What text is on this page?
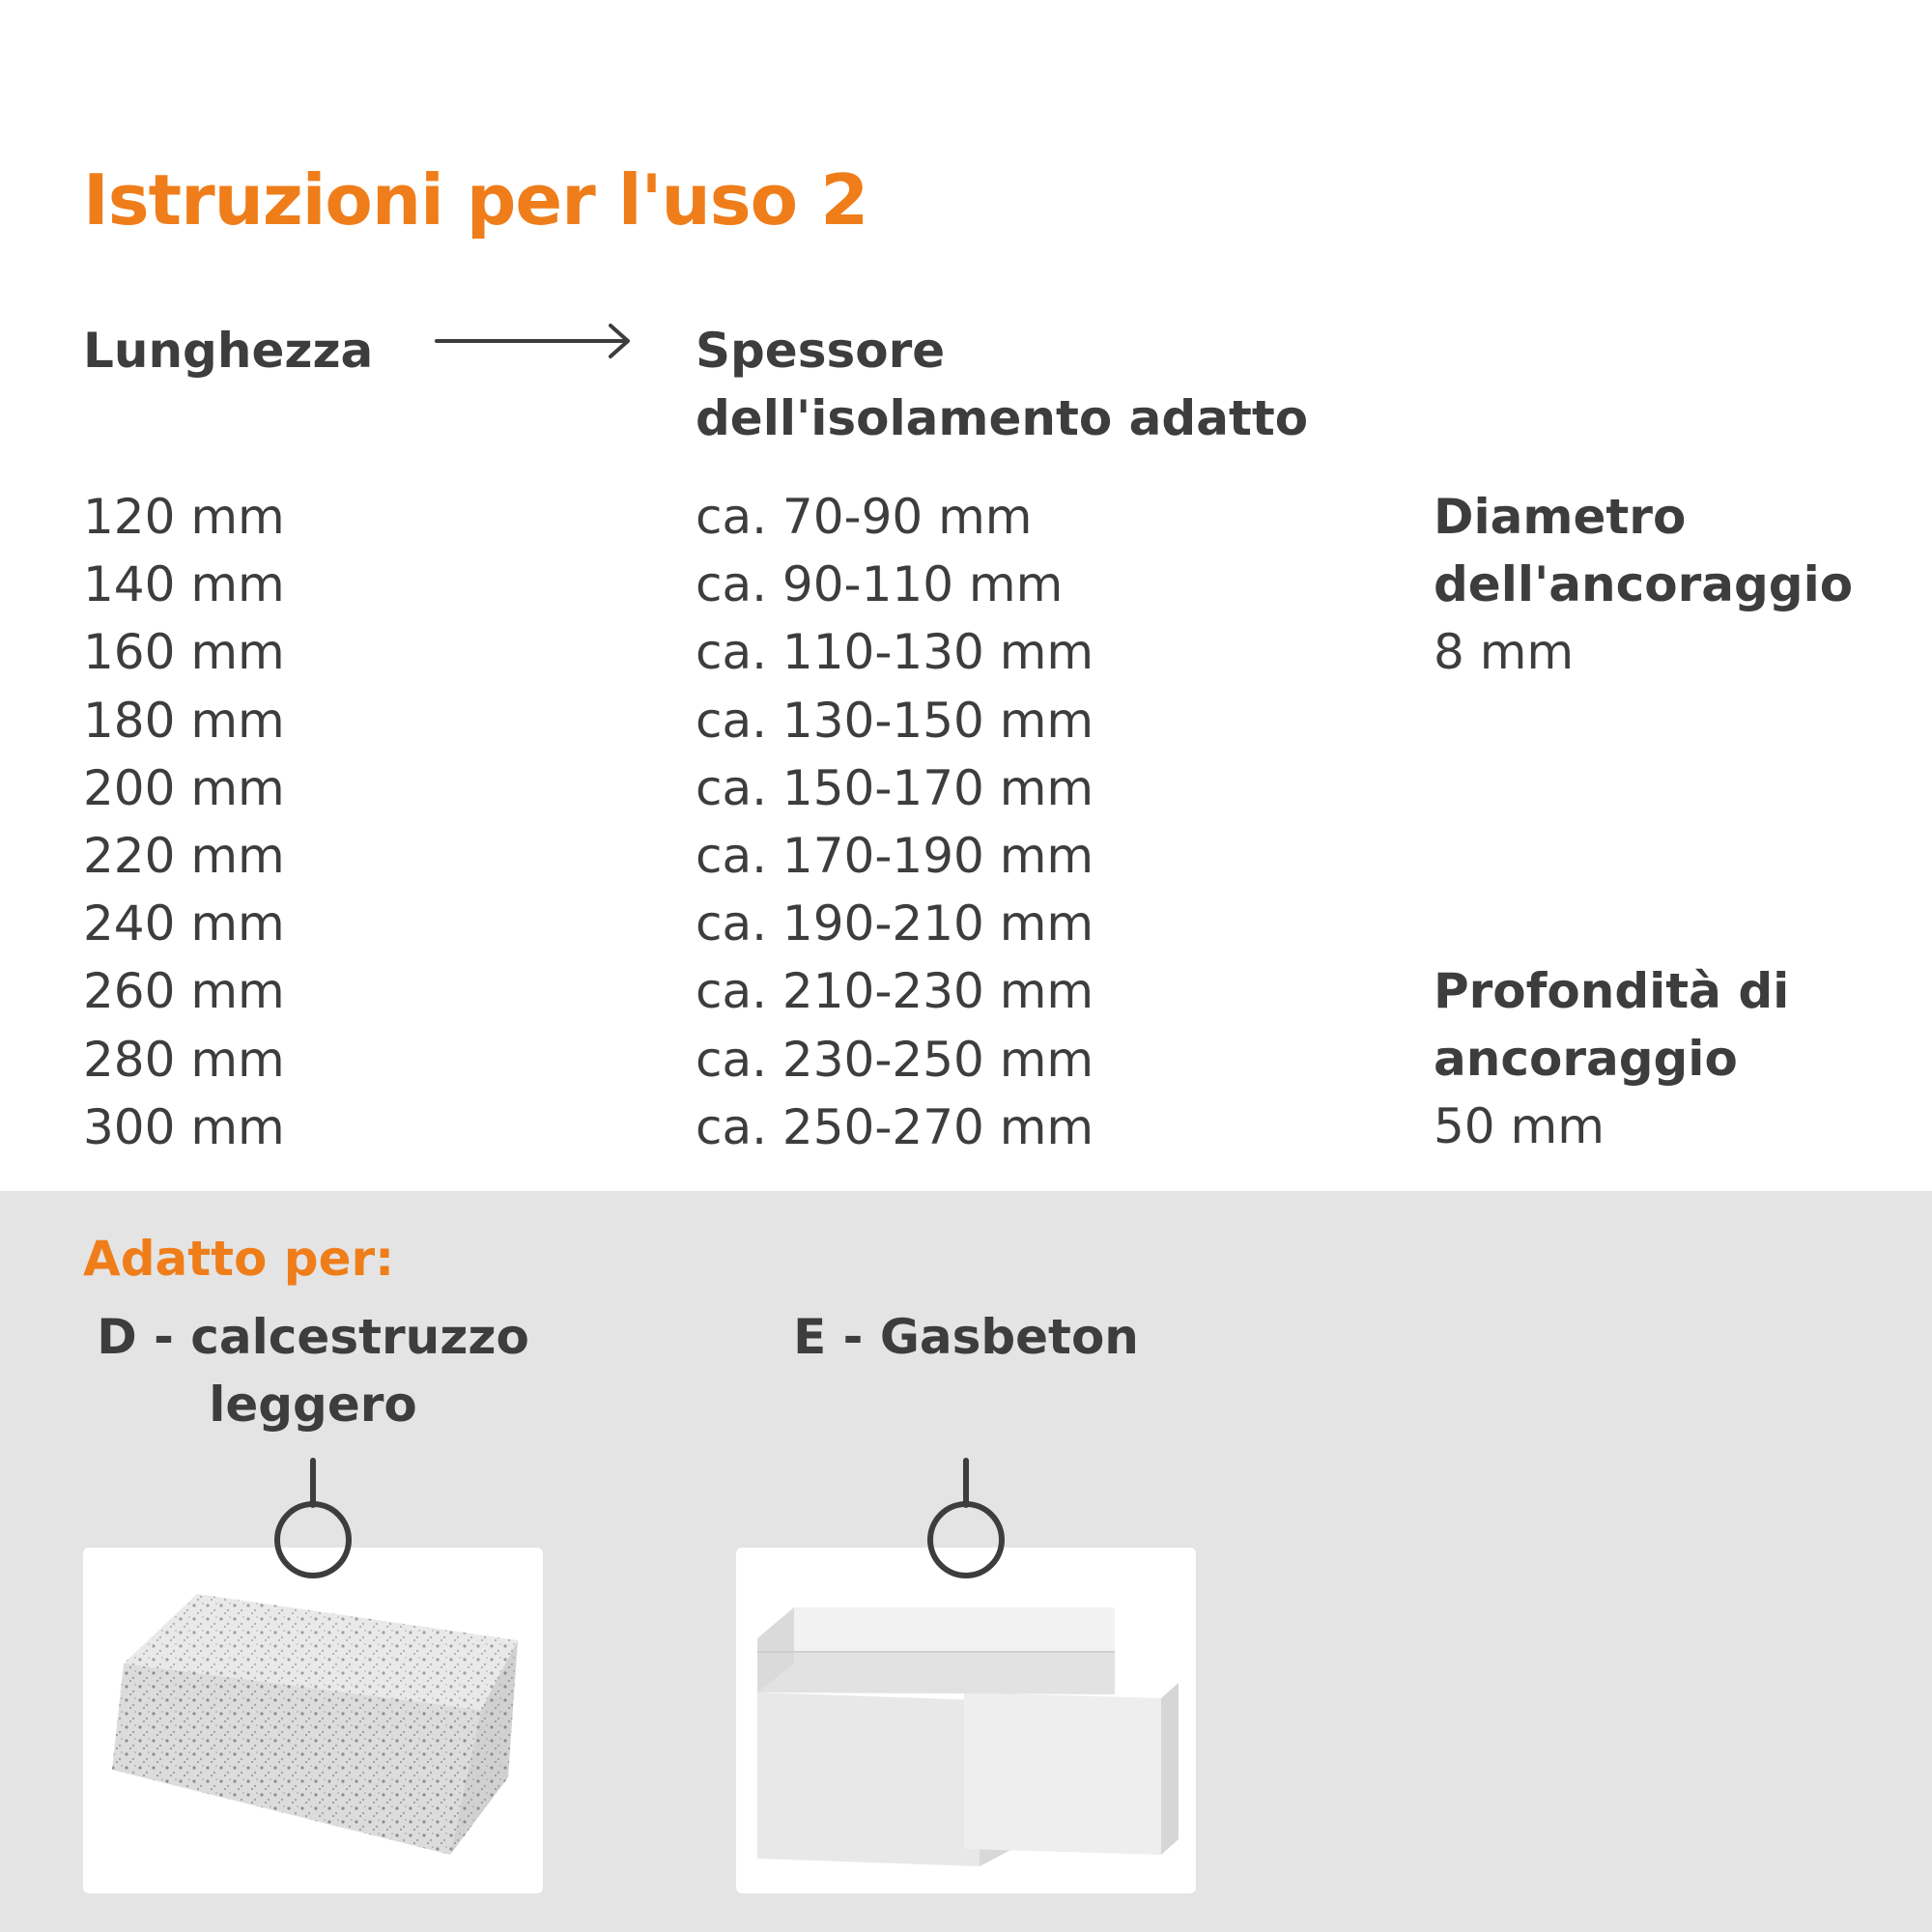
Istruzioni per l'uso 2
Lunghezza	Spessore
dell'isolamento adatto
120 mm
140 mm
160 mm
180 mm
200 mm
220 mm
240 mm
260 mm
280 mm
300 mm
ca. 70-90 mm
ca. 90-110 mm
ca. 110-130 mm
ca. 130-150 mm
ca. 150-170 mm
ca. 170-190 mm
ca. 190-210 mm
ca. 210-230 mm
ca. 230-250 mm
ca. 250-270 mm
Diametro
dell'ancoraggio
8 mm
Profondità di
ancoraggio
50 mm
Adatto per:
D - calcestruzzo
leggero
E - Gasbeton
